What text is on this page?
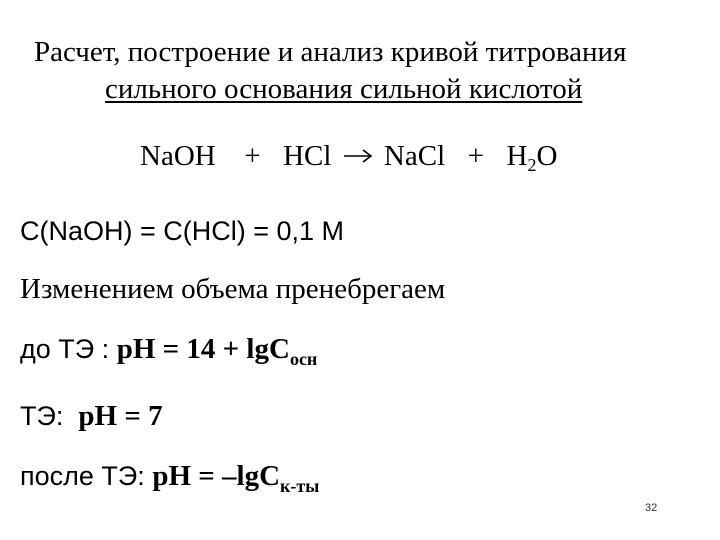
Расчет, построение и анализ кривой титрования
сильного основания сильной кислотой
NaOH + HCl → NaCl + $H_2O$
C(NaOH) = C(HCl) = 0,1 M
Изменением объема пренебрегаем
до ТЭ : pH = 14 + lgC$_{осн}$
ТЭ:  pH = 7
после ТЭ: pH = –lgC$_{к-ты}$
32
